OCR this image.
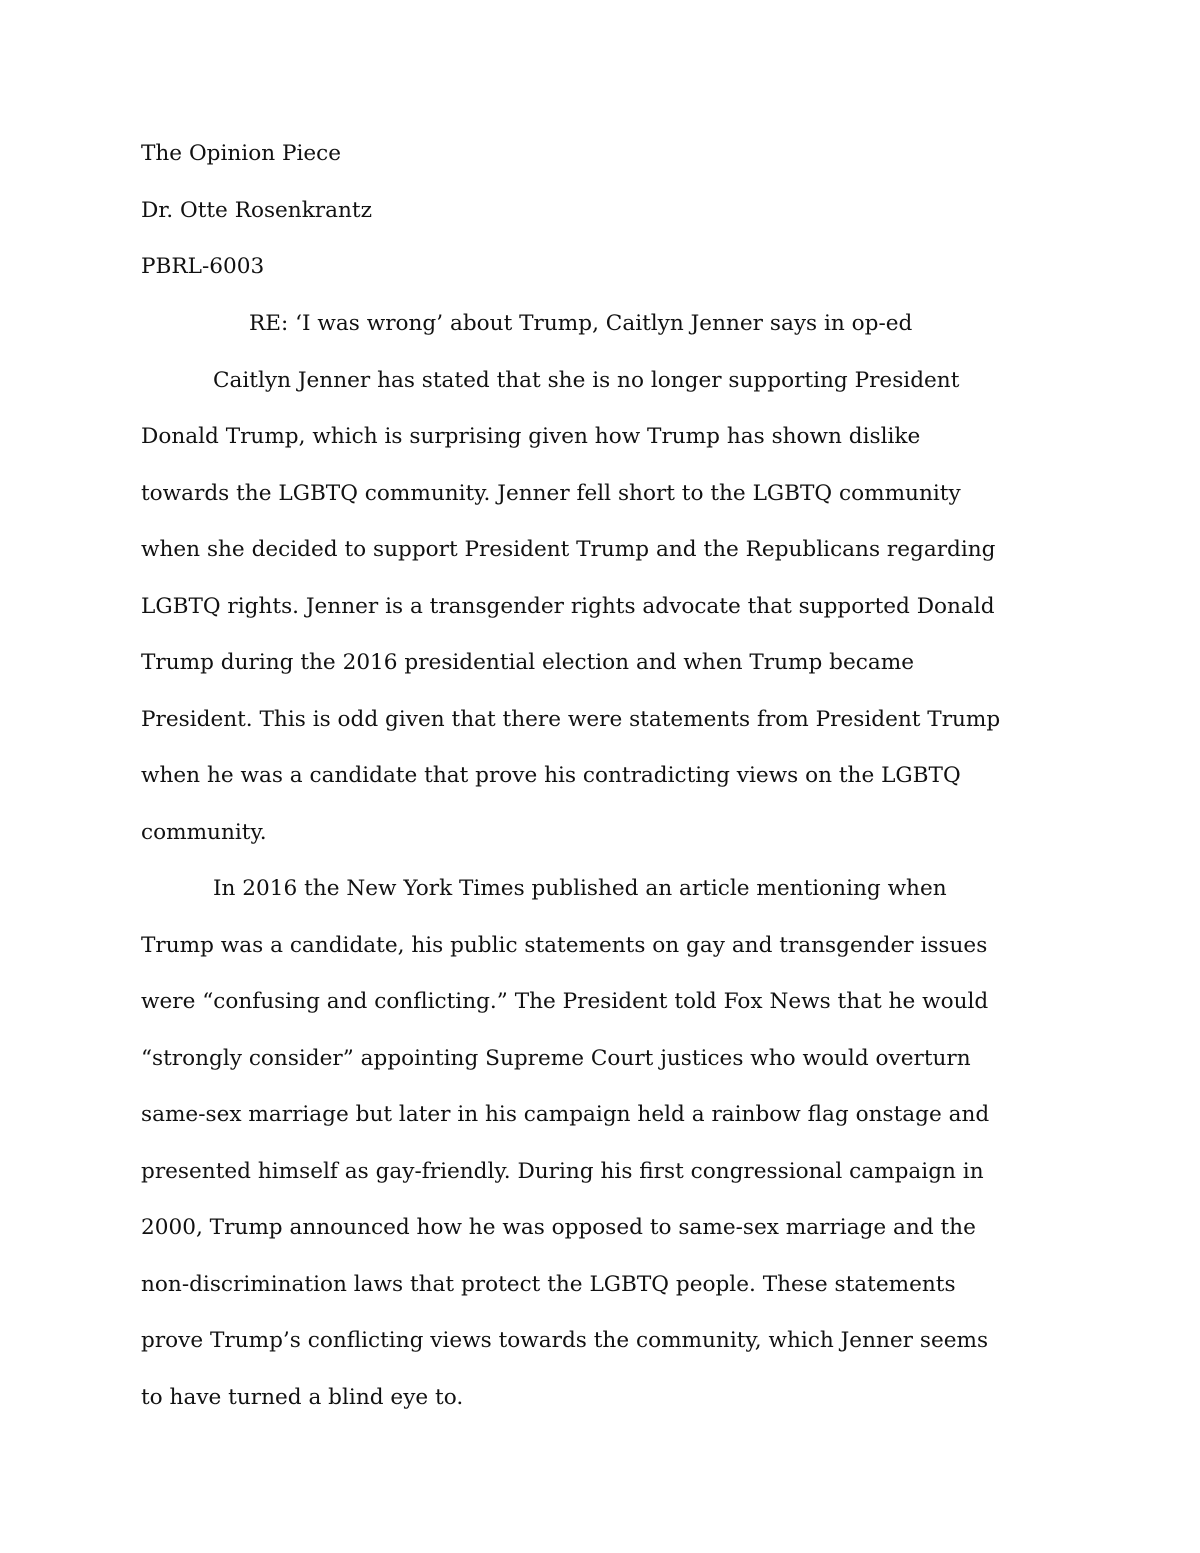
The Opinion Piece
Dr. Otte Rosenkrantz
PBRL-6003
RE: ‘I was wrong’ about Trump, Caitlyn Jenner says in op-ed
Caitlyn Jenner has stated that she is no longer supporting President
Donald Trump, which is surprising given how Trump has shown dislike
towards the LGBTQ community. Jenner fell short to the LGBTQ community
when she decided to support President Trump and the Republicans regarding
LGBTQ rights. Jenner is a transgender rights advocate that supported Donald
Trump during the 2016 presidential election and when Trump became
President. This is odd given that there were statements from President Trump
when he was a candidate that prove his contradicting views on the LGBTQ
community.
In 2016 the New York Times published an article mentioning when
Trump was a candidate, his public statements on gay and transgender issues
were “confusing and conflicting.” The President told Fox News that he would
“strongly consider” appointing Supreme Court justices who would overturn
same-sex marriage but later in his campaign held a rainbow flag onstage and
presented himself as gay-friendly. During his first congressional campaign in
2000, Trump announced how he was opposed to same-sex marriage and the
non-discrimination laws that protect the LGBTQ people. These statements
prove Trump’s conflicting views towards the community, which Jenner seems
to have turned a blind eye to.
